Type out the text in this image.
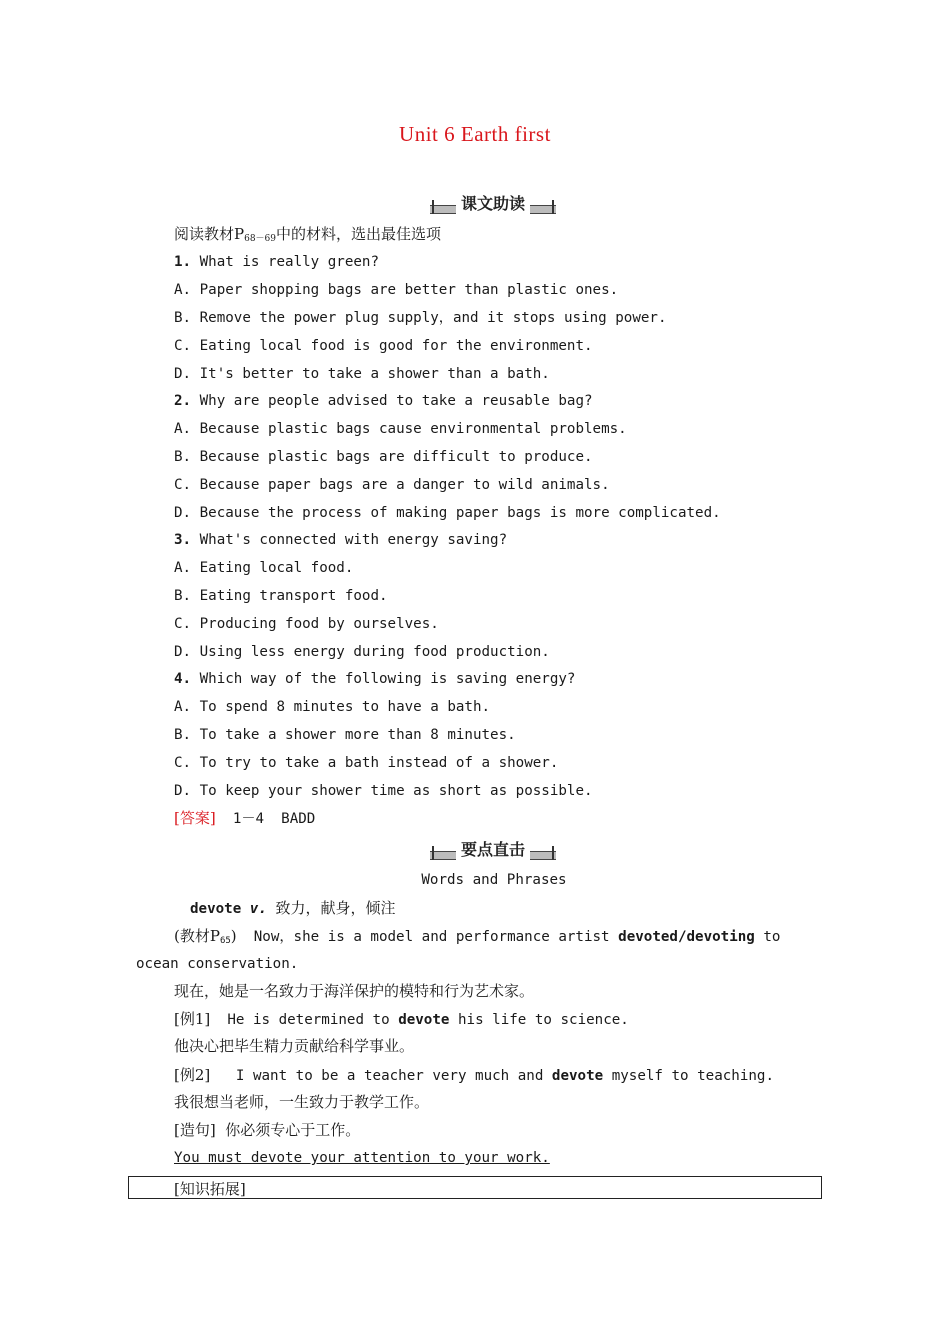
Unit 6 Earth first
课文助读
阅读教材$P_{68-69}$中的材料，选出最佳选项
1. What is really green?
A. Paper shopping bags are better than plastic ones.
B. Remove the power plug supply，and it stops using power.
C. Eating local food is good for the environment.
D. It's better to take a shower than a bath.
2. Why are people advised to take a reusable bag?
A. Because plastic bags cause environmental problems.
B. Because plastic bags are difficult to produce.
C. Because paper bags are a danger to wild animals.
D. Because the process of making paper bags is more complicated.
3. What's connected with energy saving?
A. Eating local food.
B. Eating transport food.
C. Producing food by ourselves.
D. Using less energy during food production.
4. Which way of the following is saving energy?
A. To spend 8 minutes to have a bath.
B. To take a shower more than 8 minutes.
C. To try to take a bath instead of a shower.
D. To keep your shower time as short as possible.
[答案] 1－4  BADD
要点直击
Words and Phrases
devote v. 致力，献身，倾注
(教材$P_{65}$) Now，she is a model and performance artist devoted/devoting to
ocean conservation.
现在，她是一名致力于海洋保护的模特和行为艺术家。
[例1] He is determined to devote his life to science.
他决心把毕生精力贡献给科学事业。
[例2] I want to be a teacher very much and devote myself to teaching.
我很想当老师，一生致力于教学工作。
[造句] 你必须专心于工作。
You must devote your attention to your work.
[知识拓展]
